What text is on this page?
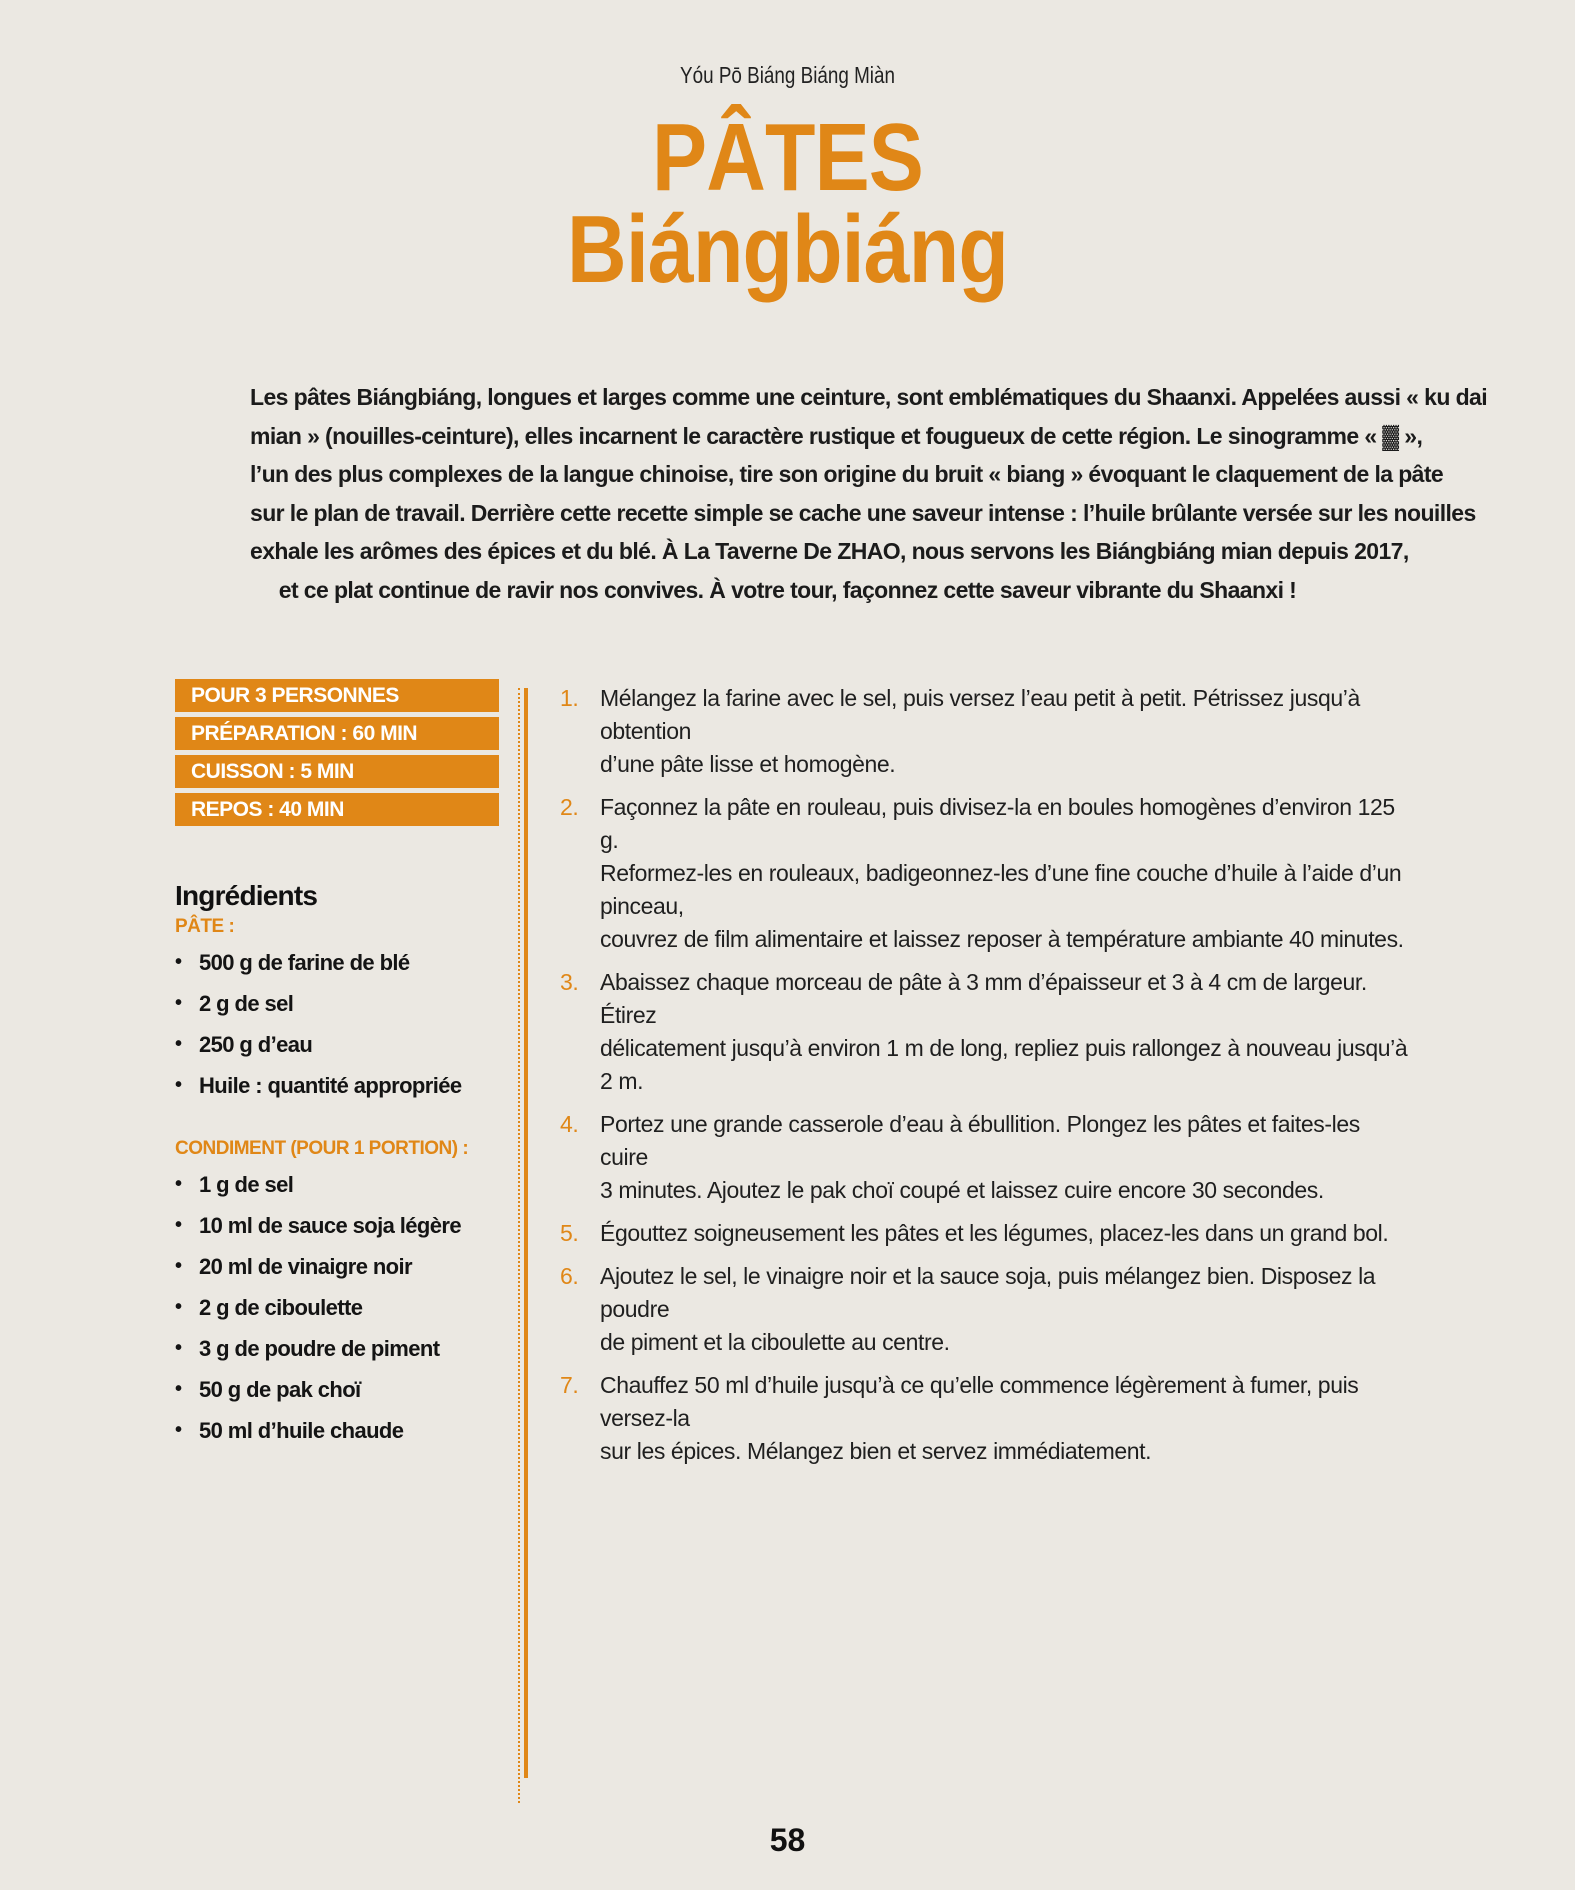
Yóu Pō Biáng Biáng Miàn
PÂTES
Biángbiáng
Les pâtes Biángbiáng, longues et larges comme une ceinture, sont emblématiques du Shaanxi. Appelées aussi « ku dai
mian » (nouilles-ceinture), elles incarnent le caractère rustique et fougueux de cette région. Le sinogramme « ▓ »,
l’un des plus complexes de la langue chinoise, tire son origine du bruit « biang » évoquant le claquement de la pâte
sur le plan de travail. Derrière cette recette simple se cache une saveur intense : l’huile brûlante versée sur les nouilles
exhale les arômes des épices et du blé. À La Taverne De ZHAO, nous servons les Biángbiáng mian depuis 2017,
et ce plat continue de ravir nos convives. À votre tour, façonnez cette saveur vibrante du Shaanxi !
POUR 3 PERSONNES
PRÉPARATION : 60 MIN
CUISSON : 5 MIN
REPOS : 40 MIN
Ingrédients
PÂTE :
• 500 g de farine de blé
• 2 g de sel
• 250 g d’eau
• Huile : quantité appropriée
CONDIMENT (POUR 1 PORTION) :
• 1 g de sel
• 10 ml de sauce soja légère
• 20 ml de vinaigre noir
• 2 g de ciboulette
• 3 g de poudre de piment
• 50 g de pak choï
• 50 ml d’huile chaude
1. Mélangez la farine avec le sel, puis versez l’eau petit à petit. Pétrissez jusqu’à obtention
d’une pâte lisse et homogène.
2. Façonnez la pâte en rouleau, puis divisez-la en boules homogènes d’environ 125 g.
Reformez-les en rouleaux, badigeonnez-les d’une fine couche d’huile à l’aide d’un pinceau,
couvrez de film alimentaire et laissez reposer à température ambiante 40 minutes.
3. Abaissez chaque morceau de pâte à 3 mm d’épaisseur et 3 à 4 cm de largeur. Étirez
délicatement jusqu’à environ 1 m de long, repliez puis rallongez à nouveau jusqu’à 2 m.
4. Portez une grande casserole d’eau à ébullition. Plongez les pâtes et faites-les cuire
3 minutes. Ajoutez le pak choï coupé et laissez cuire encore 30 secondes.
5. Égouttez soigneusement les pâtes et les légumes, placez-les dans un grand bol.
6. Ajoutez le sel, le vinaigre noir et la sauce soja, puis mélangez bien. Disposez la poudre
de piment et la ciboulette au centre.
7. Chauffez 50 ml d’huile jusqu’à ce qu’elle commence légèrement à fumer, puis versez-la
sur les épices. Mélangez bien et servez immédiatement.
58
